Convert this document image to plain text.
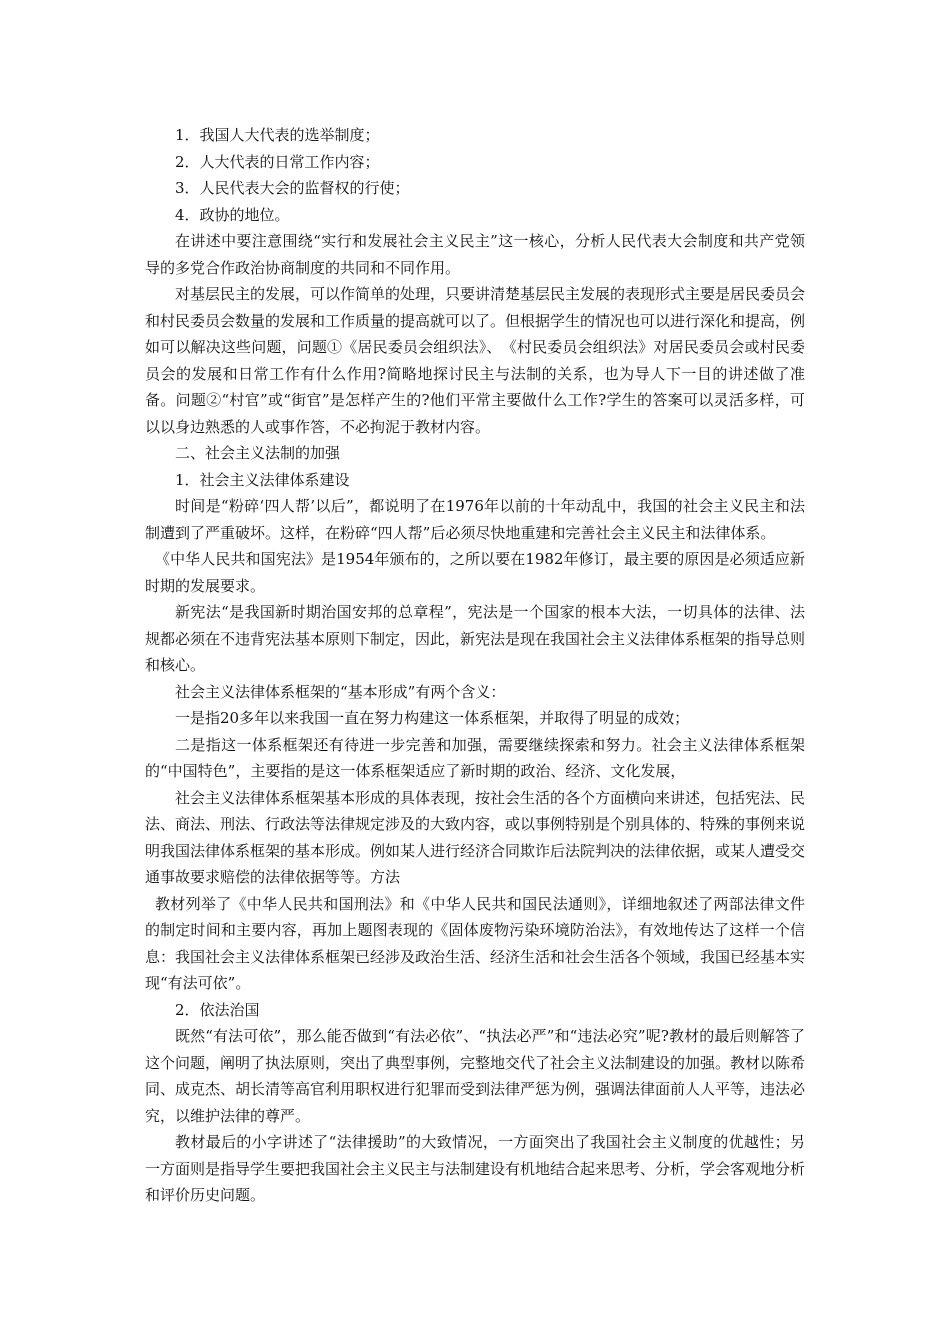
1．我国人大代表的选举制度；

2．人大代表的日常工作内容；

3．人民代表大会的监督权的行使；

4．政协的地位。

在讲述中要注意围绕“实行和发展社会主义民主”这一核心，分析人民代表大会制度和共产党领导的多党合作政治协商制度的共同和不同作用。

对基层民主的发展，可以作简单的处理，只要讲清楚基层民主发展的表现形式主要是居民委员会和村民委员会数量的发展和工作质量的提高就可以了。但根据学生的情况也可以进行深化和提高，例如可以解决这些问题，问题①《居民委员会组织法》、　《村民委员会组织法》对居民委员会或村民委员会的发展和日常工作有什么作用?简略地探讨民主与法制的关系，也为导人下一目的讲述做了准备。问题②“村官”或“街官”是怎样产生的?他们平常主要做什么工作?学生的答案可以灵活多样，可以以身边熟悉的人或事作答，不必拘泥于教材内容。

二、社会主义法制的加强

1．社会主义法律体系建设

时间是“粉碎‘四人帮’以后”，都说明了在1976年以前的十年动乱中，我国的社会主义民主和法制遭到了严重破坏。这样，在粉碎“四人帮”后必须尽快地重建和完善社会主义民主和法律体系。

《中华人民共和国宪法》是1954年颁布的，之所以要在1982年修订，最主要的原因是必须适应新时期的发展要求。

新宪法“是我国新时期治国安邦的总章程”，宪法是一个国家的根本大法，一切具体的法律、法规都必须在不违背宪法基本原则下制定，因此，新宪法是现在我国社会主义法律体系框架的指导总则和核心。

社会主义法律体系框架的“基本形成”有两个含义：

一是指20多年以来我国一直在努力构建这一体系框架，并取得了明显的成效；

二是指这一体系框架还有待进一步完善和加强，需要继续探索和努力。社会主义法律体系框架的“中国特色”，主要指的是这一体系框架适应了新时期的政治、经济、文化发展，

社会主义法律体系框架基本形成的具体表现，按社会生活的各个方面横向来讲述，包括宪法、民法、商法、刑法、行政法等法律规定涉及的大致内容，或以事例特别是个别具体的、特殊的事例来说明我国法律体系框架的基本形成。例如某人进行经济合同欺诈后法院判决的法律依据，或某人遭受交通事故要求赔偿的法律依据等等。方法

教材列举了《中华人民共和国刑法》和《中华人民共和国民法通则》，详细地叙述了两部法律文件的制定时间和主要内容，再加上题图表现的《固体废物污染环境防治法》，有效地传达了这样一个信息：我国社会主义法律体系框架已经涉及政治生活、经济生活和社会生活各个领域，我国已经基本实现“有法可依”。

2．依法治国

既然“有法可依”，那么能否做到“有法必依”、“执法必严”和“违法必究”呢?教材的最后则解答了这个问题，阐明了执法原则，突出了典型事例，完整地交代了社会主义法制建设的加强。教材以陈希同、成克杰、胡长清等高官利用职权进行犯罪而受到法律严惩为例，强调法律面前人人平等，违法必究，以维护法律的尊严。

教材最后的小字讲述了“法律援助”的大致情况，一方面突出了我国社会主义制度的优越性；另一方面则是指导学生要把我国社会主义民主与法制建设有机地结合起来思考、分析，学会客观地分析和评价历史问题。
